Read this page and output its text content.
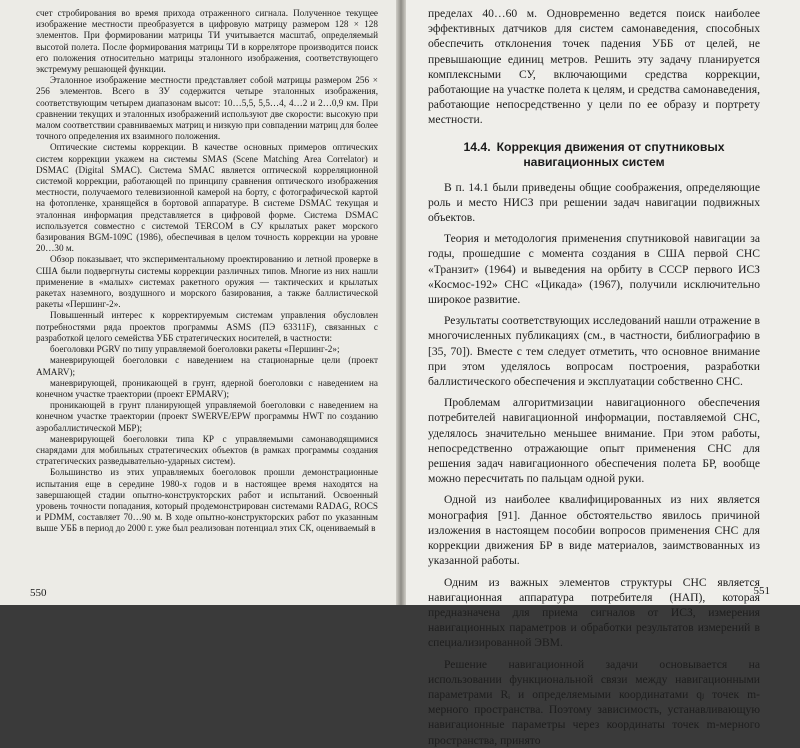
счет стробирования во время прихода отраженного сигнала. Полученное текущее изображение местности преобразуется в цифровую матрицу размером 128 × 128 элементов. При формировании матрицы ТИ учитывается масштаб, определяемый высотой полета. После формирования матрицы ТИ в корреляторе производится поиск его положения относительно матрицы эталонного изображения, соответствующего экстремуму решающей функции.

Эталонное изображение местности представляет собой матрицы размером 256 × 256 элементов. Всего в ЗУ содержится четыре эталонных изображения, соответствующим четырем диапазонам высот: 10…5,5, 5,5…4, 4…2 и 2…0,9 км. При сравнении текущих и эталонных изображений используют две скорости: высокую при малом соответствии сравниваемых матриц и низкую при совпадении матриц для более точного определения их взаимного положения.

Оптические системы коррекции. В качестве основных примеров оптических систем коррекции укажем на системы SMAS (Scene Matching Area Correlator) и DSMAC (Digital SMAC). Система SMAC является оптической корреляционной системой коррекции, работающей по принципу сравнения оптического изображения местности, получаемого телевизионной камерой на борту, с фотографической картой на фотопленке, хранящейся в бортовой аппаратуре. В системе DSMAC текущая и эталонная информация представляется в цифровой форме. Система DSMAC используется совместно с системой TERCOM в СУ крылатых ракет морского базирования BGM-109C (1986), обеспечивая в целом точность коррекции на уровне 20…30 м.

Обзор показывает, что экспериментальному проектированию и летной проверке в США были подвергнуты системы коррекции различных типов. Многие из них нашли применение в «малых» системах ракетного оружия — тактических и крылатых ракетах наземного, воздушного и морского базирования, а также баллистической ракеты «Першинг-2».

Повышенный интерес к корректируемым системам управления обусловлен потребностями ряда проектов программы ASMS (ПЭ 63311F), связанных с разработкой целого семейства УББ стратегических носителей, в частности:

боеголовки PGRV по типу управляемой боеголовки ракеты «Першинг-2»;

маневрирующей боеголовки с наведением на стационарные цели (проект AMARV);

маневрирующей, проникающей в грунт, ядерной боеголовки с наведением на конечном участке траектории (проект EPMARV);

проникающей в грунт планирующей управляемой боеголовки с наведением на конечном участке траектории (проект SWERVE/EPW программы HWT по созданию аэробаллистической МБР);

маневрирующей боеголовки типа КР с управляемыми самонаводящимися снарядами для мобильных стратегических объектов (в рамках программы создания стратегических разведывательно-ударных систем).

Большинство из этих управляемых боеголовок прошли демонстрационные испытания еще в середине 1980-х годов и в настоящее время находятся на завершающей стадии опытно-конструкторских работ и испытаний. Освоенный уровень точности попадания, который продемонстрирован системами RADAG, ROCS и PDMM, составляет 70…90 м. В ходе опытно-конструкторских работ по указанным выше УББ в период до 2000 г. уже был реализован потенциал этих СК, оцениваемый в

550

пределах 40…60 м. Одновременно ведется поиск наиболее эффективных датчиков для систем самонаведения, способных обеспечить отклонения точек падения УББ от целей, не превышающие единиц метров. Решить эту задачу планируется комплексными СУ, включающими средства коррекции, работающие на участке полета к целям, и средства самонаведения, работающие непосредственно у цели по ее образу и портрету местности.

14.4. Коррекция движения от спутниковых навигационных систем

В п. 14.1 были приведены общие соображения, определяющие роль и место НИСЗ при решении задач навигации подвижных объектов.

Теория и методология применения спутниковой навигации за годы, прошедшие с момента создания в США первой СНС «Транзит» (1964) и выведения на орбиту в СССР первого ИСЗ «Космос-192» СНС «Цикада» (1967), получили исключительно широкое развитие.

Результаты соответствующих исследований нашли отражение в многочисленных публикациях (см., в частности, библиографию в [35, 70]). Вместе с тем следует отметить, что основное внимание при этом уделялось вопросам построения, разработки баллистического обеспечения и эксплуатации собственно СНС.

Проблемам алгоритмизации навигационного обеспечения потребителей навигационной информации, поставляемой СНС, уделялось значительно меньшее внимание. При этом работы, непосредственно отражающие опыт применения СНС для решения задач навигационного обеспечения полета БР, вообще можно пересчитать по пальцам одной руки.

Одной из наиболее квалифицированных из них является монография [91]. Данное обстоятельство явилось причиной изложения в настоящем пособии вопросов применения СНС для коррекции движения БР в виде материалов, заимствованных из указанной работы.

Одним из важных элементов структуры СНС является навигационная аппаратура потребителя (НАП), которая предназначена для приема сигналов от ИСЗ, измерения навигационных параметров и обработки результатов измерений в специализированной ЭВМ.

Решение навигационной задачи основывается на использовании функциональной связи между навигационными параметрами Rᵢ и определяемыми координатами qⱼ точек m-мерного пространства. Поэтому зависимость, устанавливающую навигационные параметры через координаты точек m-мерного пространства, принято

551
